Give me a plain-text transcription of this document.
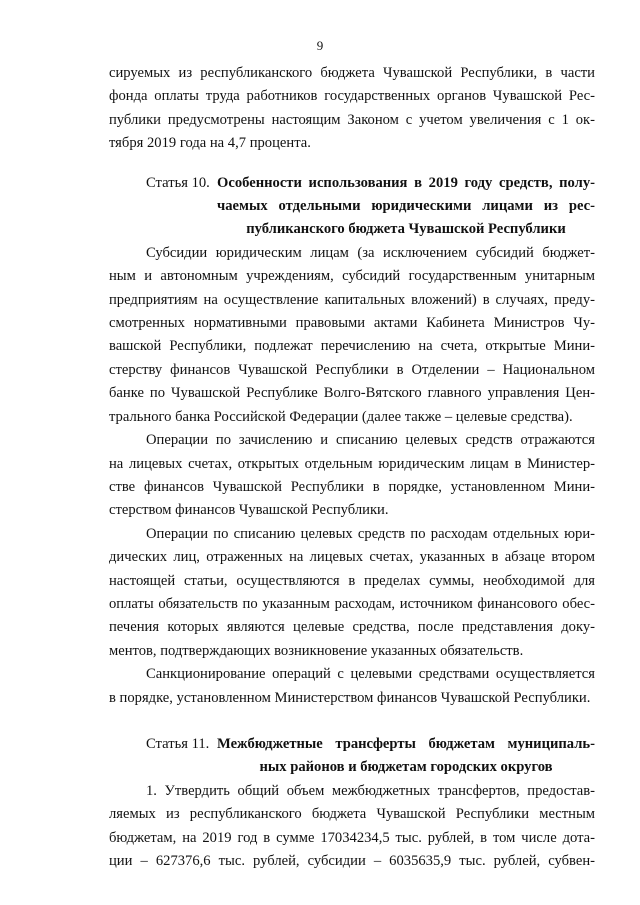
9

сируемых из республиканского бюджета Чувашской Республики, в части

фонда оплаты труда работников государственных органов Чувашской Рес-

публики предусмотрены настоящим Законом с учетом увеличения с 1 ок-

тября 2019 года на 4,7 процента.

Статья 10. Особенности использования в 2019 году средств, полу-
чаемых отдельными юридическими лицами из рес-
публиканского бюджета Чувашской Республики

Субсидии юридическим лицам (за исключением субсидий бюджет-

ным и автономным учреждениям, субсидий государственным унитарным

предприятиям на осуществление капитальных вложений) в случаях, преду-

смотренных нормативными правовыми актами Кабинета Министров Чу-

вашской Республики, подлежат перечислению на счета, открытые Мини-

стерству финансов Чувашской Республики в Отделении – Национальном

банке по Чувашской Республике Волго-Вятского главного управления Цен-

трального банка Российской Федерации (далее также – целевые средства).

Операции по зачислению и списанию целевых средств отражаются

на лицевых счетах, открытых отдельным юридическим лицам в Министер-

стве финансов Чувашской Республики в порядке, установленном Мини-

стерством финансов Чувашской Республики.

Операции по списанию целевых средств по расходам отдельных юри-

дических лиц, отраженных на лицевых счетах, указанных в абзаце втором

настоящей статьи, осуществляются в пределах суммы, необходимой для

оплаты обязательств по указанным расходам, источником финансового обес-

печения которых являются целевые средства, после представления доку-

ментов, подтверждающих возникновение указанных обязательств.

Санкционирование операций с целевыми средствами осуществляется

в порядке, установленном Министерством финансов Чувашской Республики.

Статья 11. Межбюджетные трансферты бюджетам муниципаль-
ных районов и бюджетам городских округов

1. Утвердить общий объем межбюджетных трансфертов, предостав-

ляемых из республиканского бюджета Чувашской Республики местным

бюджетам, на 2019 год в сумме 17034234,5 тыс. рублей, в том числе дота-

ции – 627376,6 тыс. рублей, субсидии – 6035635,9 тыс. рублей, субвен-
